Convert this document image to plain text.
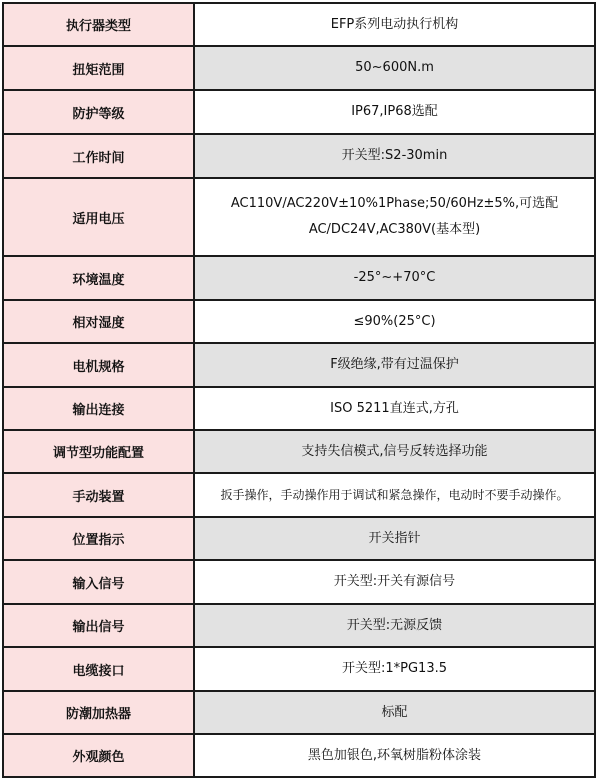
执行器类型	EFP系列电动执行机构
扭矩范围	50~600N.m
防护等级	IP67,IP68选配
工作时间	开关型:S2-30min
适用电压	AC110V/AC220V±10%1Phase;50/60Hz±5%,可选配
AC/DC24V,AC380V(基本型)

环境温度	-25°~+70°C
相对湿度	≤90%(25°C)
电机规格	F级绝缘,带有过温保护
输出连接	ISO 5211直连式,方孔
调节型功能配置	支持失信模式,信号反转选择功能
手动装置	扳手操作，手动操作用于调试和紧急操作，电动时不要手动操作。
位置指示	开关指针
输入信号	开关型:开关有源信号
输出信号	开关型:无源反馈
电缆接口	开关型:1*PG13.5
防潮加热器	标配
外观颜色	黑色加银色,环氧树脂粉体涂装
